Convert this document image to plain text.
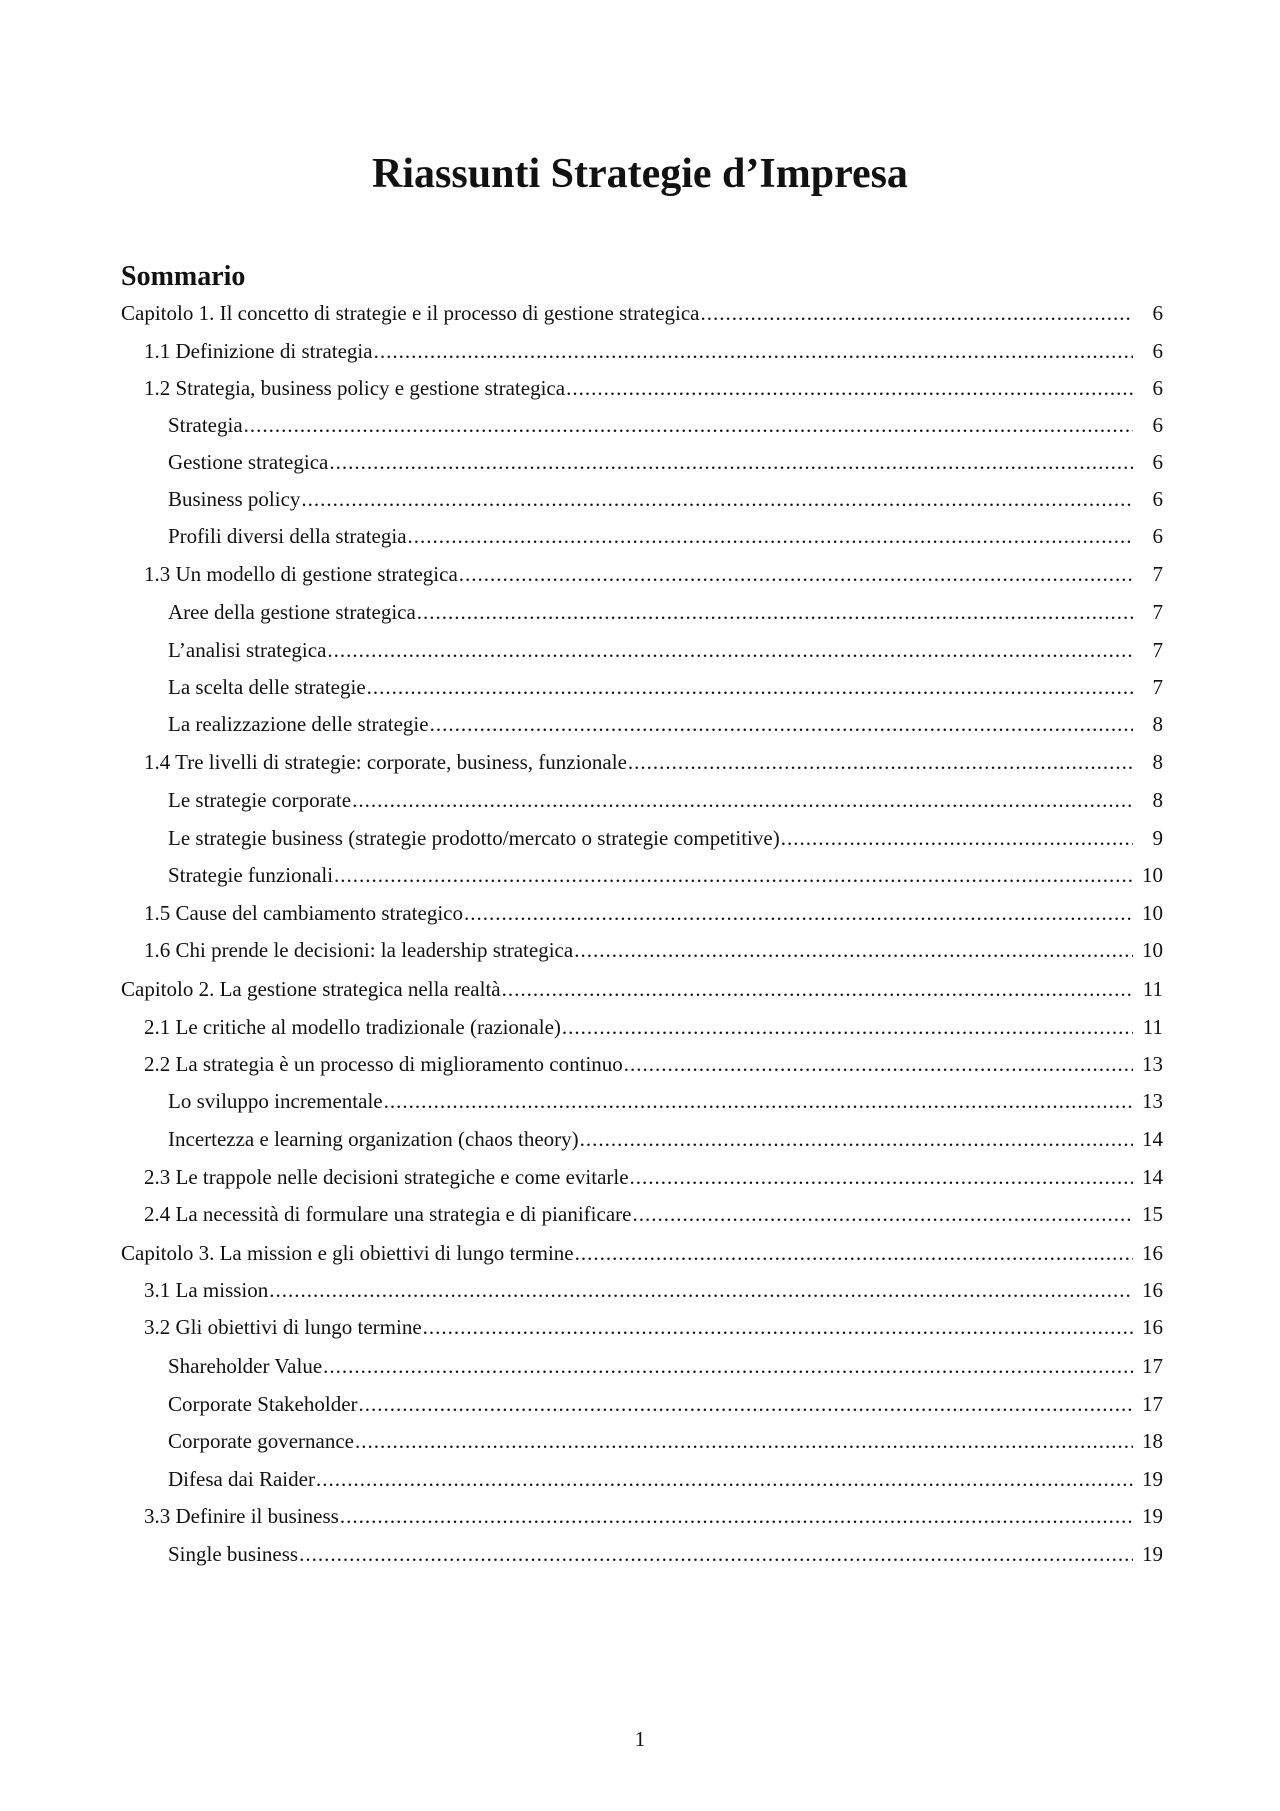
Riassunti Strategie d’Impresa
Sommario
Capitolo 1. Il concetto di strategie e il processo di gestione strategica .....	6
1.1 Definizione di strategia .....	6
1.2 Strategia, business policy e gestione strategica .....	6
Strategia .....	6
Gestione strategica .....	6
Business policy .....	6
Profili diversi della strategia .....	6
1.3 Un modello di gestione strategica .....	7
Aree della gestione strategica .....	7
L’analisi strategica .....	7
La scelta delle strategie .....	7
La realizzazione delle strategie .....	8
1.4 Tre livelli di strategie: corporate, business, funzionale .....	8
Le strategie corporate .....	8
Le strategie business (strategie prodotto/mercato o strategie competitive) .....	9
Strategie funzionali .....	10
1.5 Cause del cambiamento strategico .....	10
1.6 Chi prende le decisioni: la leadership strategica .....	10
Capitolo 2. La gestione strategica nella realtà .....	11
2.1 Le critiche al modello tradizionale (razionale) .....	11
2.2 La strategia è un processo di miglioramento continuo .....	13
Lo sviluppo incrementale .....	13
Incertezza e learning organization (chaos theory) .....	14
2.3 Le trappole nelle decisioni strategiche e come evitarle .....	14
2.4 La necessità di formulare una strategia e di pianificare .....	15
Capitolo 3. La mission e gli obiettivi di lungo termine .....	16
3.1 La mission .....	16
3.2 Gli obiettivi di lungo termine .....	16
Shareholder Value .....	17
Corporate Stakeholder .....	17
Corporate governance .....	18
Difesa dai Raider .....	19
3.3 Definire il business .....	19
Single business .....	19
1
